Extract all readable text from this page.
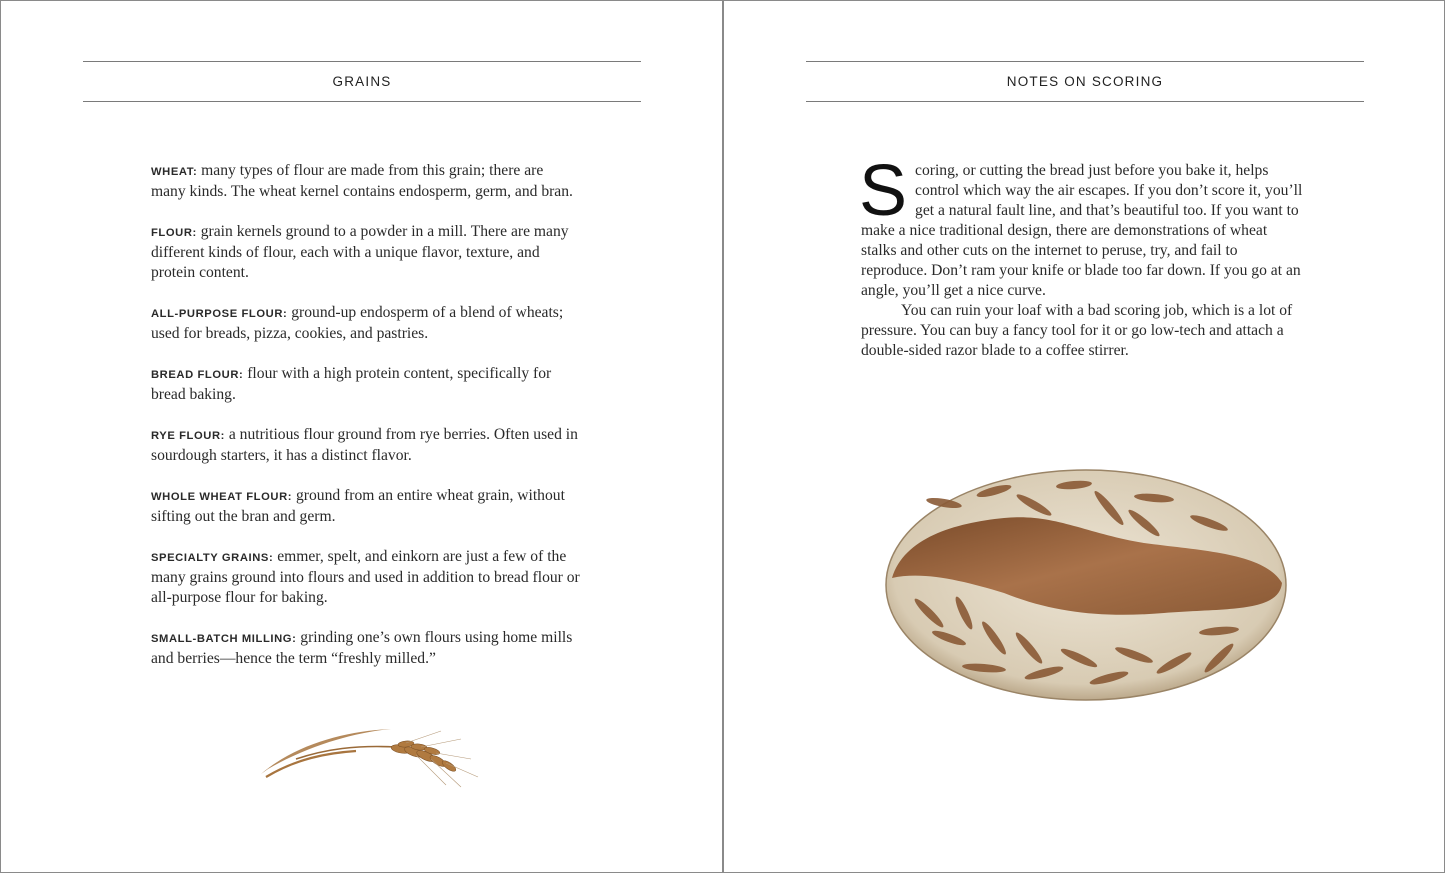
GRAINS

WHEAT: many types of flour are made from this grain; there are many kinds. The wheat kernel contains endosperm, germ, and bran.

FLOUR: grain kernels ground to a powder in a mill. There are many different kinds of flour, each with a unique flavor, texture, and protein content.

ALL-PURPOSE FLOUR: ground-up endosperm of a blend of wheats; used for breads, pizza, cookies, and pastries.

BREAD FLOUR: flour with a high protein content, specifically for bread baking.

RYE FLOUR: a nutritious flour ground from rye berries. Often used in sourdough starters, it has a distinct flavor.

WHOLE WHEAT FLOUR: ground from an entire wheat grain, without sifting out the bran and germ.

SPECIALTY GRAINS: emmer, spelt, and einkorn are just a few of the many grains ground into flours and used in addition to bread flour or all-purpose flour for baking.

SMALL-BATCH MILLING: grinding one’s own flours using home mills and berries—hence the term “freshly milled.”

NOTES ON SCORING

Scoring, or cutting the bread just before you bake it, helps control which way the air escapes. If you don’t score it, you’ll get a natural fault line, and that’s beautiful too. If you want to make a nice traditional design, there are demonstrations of wheat stalks and other cuts on the internet to peruse, try, and fail to reproduce. Don’t ram your knife or blade too far down. If you go at an angle, you’ll get a nice curve.

You can ruin your loaf with a bad scoring job, which is a lot of pressure. You can buy a fancy tool for it or go low-tech and attach a double-sided razor blade to a coffee stirrer.
